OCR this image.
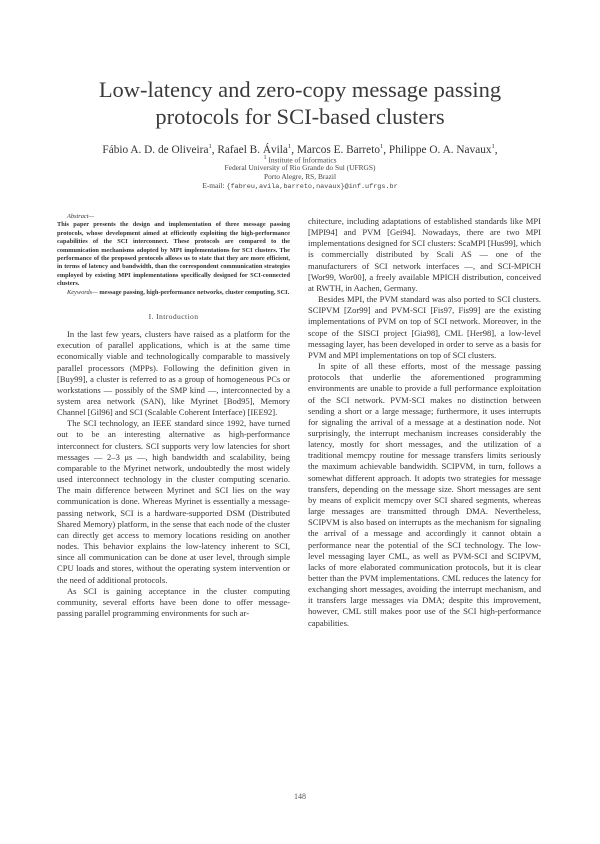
Low-latency and zero-copy message passing
protocols for SCI-based clusters
Fábio A. D. de Oliveira$^1$, Rafael B. Ávila$^1$, Marcos E. Barreto$^1$, Philippe O. A. Navaux$^1$,
$^1$ Institute of Informatics
Federal University of Rio Grande do Sul (UFRGS)
Porto Alegre, RS, Brazil
E-mail: {fabreu,avila,barreto,navaux}@inf.ufrgs.br
Abstract—
This paper presents the design and implementation of three message passing protocols, whose development aimed at efficiently exploiting the high-performance capabilities of the SCI interconnect. These protocols are compared to the communication mechanisms adopted by MPI implementations for SCI clusters. The performance of the proposed protocols allows us to state that they are more efficient, in terms of latency and bandwidth, than the correspondent communication strategies employed by existing MPI implementations specifically designed for SCI-connected clusters.
Keywords— message passing, high-performance networks, cluster computing, SCI.
I. Introduction

In the last few years, clusters have raised as a platform for the execution of parallel applications, which is at the same time economically viable and technologically comparable to massively parallel processors (MPPs). Following the definition given in [Buy99], a cluster is referred to as a group of homogeneous PCs or workstations — possibly of the SMP kind —, interconnected by a system area network (SAN), like Myrinet [Bod95], Memory Channel [Gil96] and SCI (Scalable Coherent Interface) [IEE92].

The SCI technology, an IEEE standard since 1992, have turned out to be an interesting alternative as high-performance interconnect for clusters. SCI supports very low latencies for short messages — 2–3 μs —, high bandwidth and scalability, being comparable to the Myrinet network, undoubtedly the most widely used interconnect technology in the cluster computing scenario. The main difference between Myrinet and SCI lies on the way communication is done. Whereas Myrinet is essentially a message-passing network, SCI is a hardware-supported DSM (Distributed Shared Memory) platform, in the sense that each node of the cluster can directly get access to memory locations residing on another nodes. This behavior explains the low-latency inherent to SCI, since all communication can be done at user level, through simple CPU loads and stores, without the operating system intervention or the need of additional protocols.

As SCI is gaining acceptance in the cluster computing community, several efforts have been done to offer message-passing parallel programming environments for such ar-

chitecture, including adaptations of established standards like MPI [MPI94] and PVM [Gei94]. Nowadays, there are two MPI implementations designed for SCI clusters: ScaMPI [Hus99], which is commercially distributed by Scali AS — one of the manufacturers of SCI network interfaces —, and SCI-MPICH [Wor99, Wor00], a freely available MPICH distribution, conceived at RWTH, in Aachen, Germany.

Besides MPI, the PVM standard was also ported to SCI clusters. SCIPVM [Zor99] and PVM-SCI [Fis97, Fis99] are the existing implementations of PVM on top of SCI network. Moreover, in the scope of the SISCI project [Gia98], CML [Her98], a low-level messaging layer, has been developed in order to serve as a basis for PVM and MPI implementations on top of SCI clusters.

In spite of all these efforts, most of the message passing protocols that underlie the aforementioned programming environments are unable to provide a full performance exploitation of the SCI network. PVM-SCI makes no distinction between sending a short or a large message; furthermore, it uses interrupts for signaling the arrival of a message at a destination node. Not surprisingly, the interrupt mechanism increases considerably the latency, mostly for short messages, and the utilization of a traditional memcpy routine for message transfers limits seriously the maximum achievable bandwidth. SCIPVM, in turn, follows a somewhat different approach. It adopts two strategies for message transfers, depending on the message size. Short messages are sent by means of explicit memcpy over SCI shared segments, whereas large messages are transmitted through DMA. Nevertheless, SCIPVM is also based on interrupts as the mechanism for signaling the arrival of a message and accordingly it cannot obtain a performance near the potential of the SCI technology. The low-level messaging layer CML, as well as PVM-SCI and SCIPVM, lacks of more elaborated communication protocols, but it is clear better than the PVM implementations. CML reduces the latency for exchanging short messages, avoiding the interrupt mechanism, and it transfers large messages via DMA; despite this improvement, however, CML still makes poor use of the SCI high-performance capabilities.

148
